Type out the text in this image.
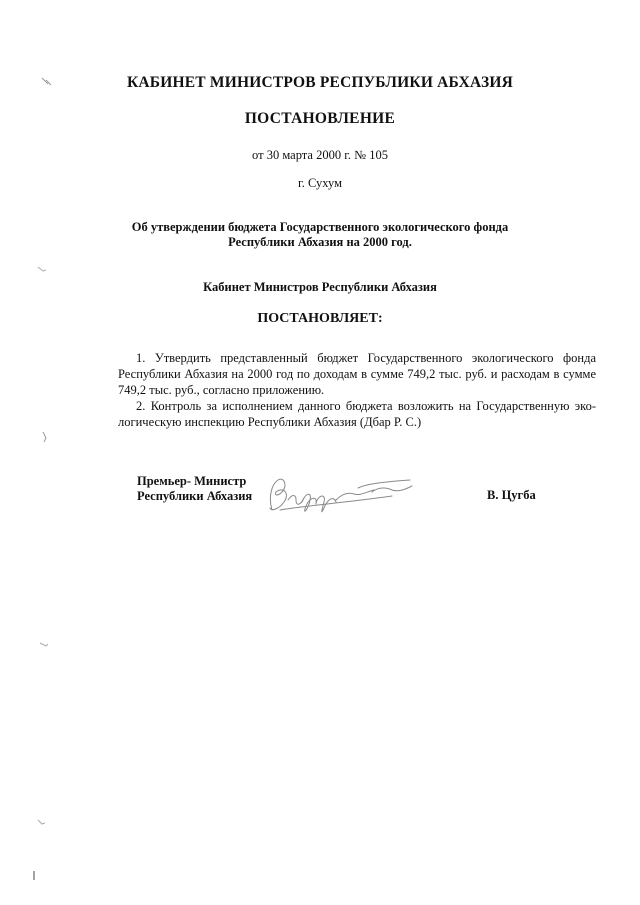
КАБИНЕТ МИНИСТРОВ РЕСПУБЛИКИ АБХАЗИЯ
ПОСТАНОВЛЕНИЕ
от 30 марта 2000 г. № 105
г. Сухум
Об утверждении бюджета Государственного экологического фонда
Республики Абхазия на 2000 год.
Кабинет Министров Республики Абхазия
ПОСТАНОВЛЯЕТ:
1. Утвердить представленный бюджет Государственного экологического фонда Республики Абхазия на 2000 год по доходам в сумме 749,2 тыс. руб. и расходам в сумме 749,2 тыс. руб., согласно приложению.
2. Контроль за исполнением данного бюджета возложить на Государственную эко-логическую инспекцию Республики Абхазия (Дбар Р. С.)
Премьер- Министр
Республики Абхазия	В. Цугба
